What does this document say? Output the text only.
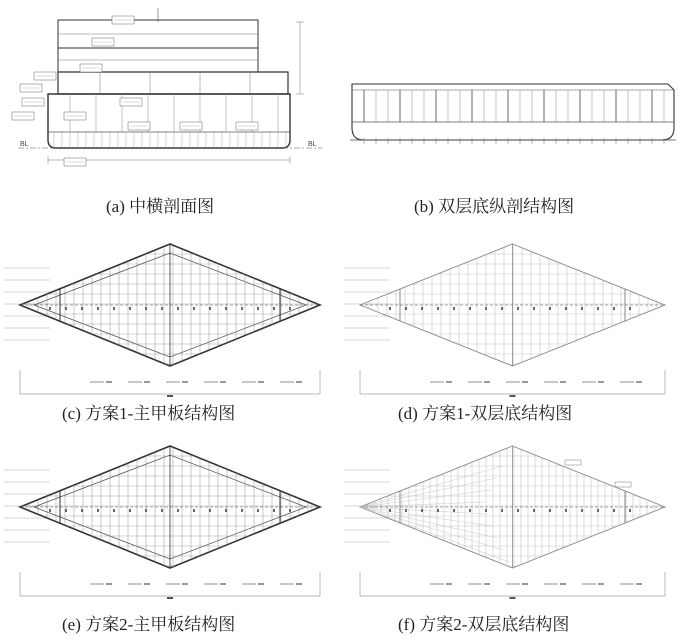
BL	BL
(a) 中横剖面图	(b) 双层底纵剖结构图
(c) 方案1-主甲板结构图	(d) 方案1-双层底结构图
(e) 方案2-主甲板结构图	(f) 方案2-双层底结构图
